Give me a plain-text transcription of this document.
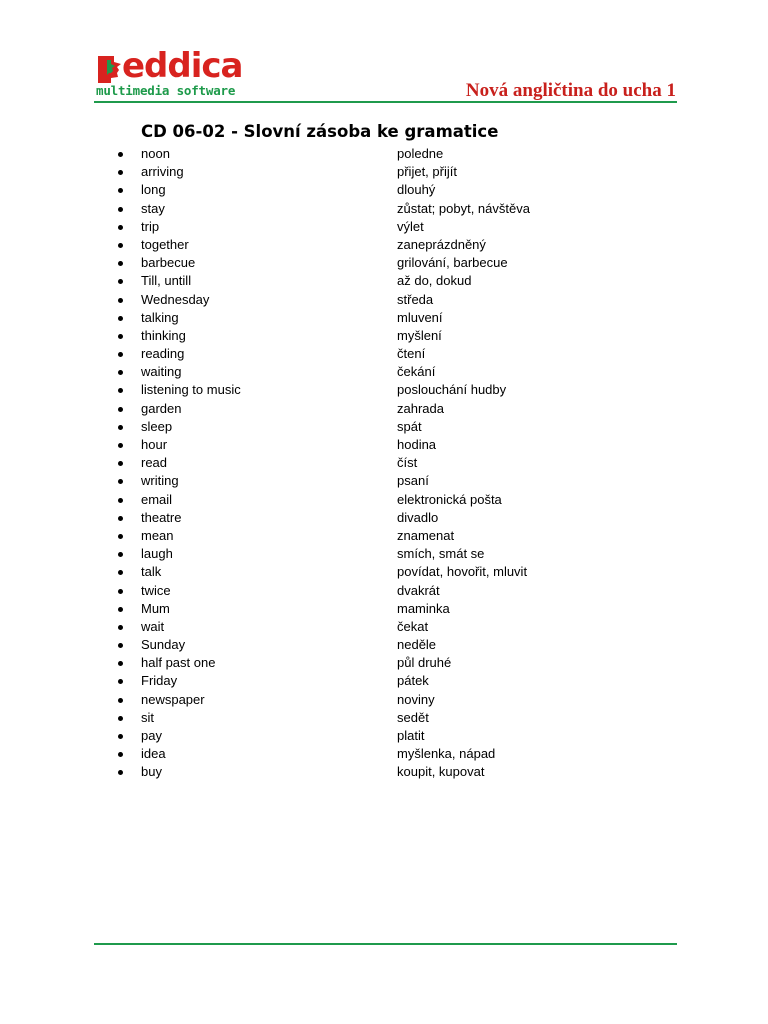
eddica
multimedia software	Nová angličtina do ucha 1
CD 06-02 - Slovní zásoba ke gramatice
noon	poledne
arriving	přijet, přijít
long	dlouhý
stay	zůstat; pobyt, návštěva
trip	výlet
together	zaneprázdněný
barbecue	grilování, barbecue
Till, untill	až do, dokud
Wednesday	středa
talking	mluvení
thinking	myšlení
reading	čtení
waiting	čekání
listening to music	poslouchání hudby
garden	zahrada
sleep	spát
hour	hodina
read	číst
writing	psaní
email	elektronická pošta
theatre	divadlo
mean	znamenat
laugh	smích, smát se
talk	povídat, hovořit, mluvit
twice	dvakrát
Mum	maminka
wait	čekat
Sunday	neděle
half past one	půl druhé
Friday	pátek
newspaper	noviny
sit	sedět
pay	platit
idea	myšlenka, nápad
buy	koupit, kupovat
